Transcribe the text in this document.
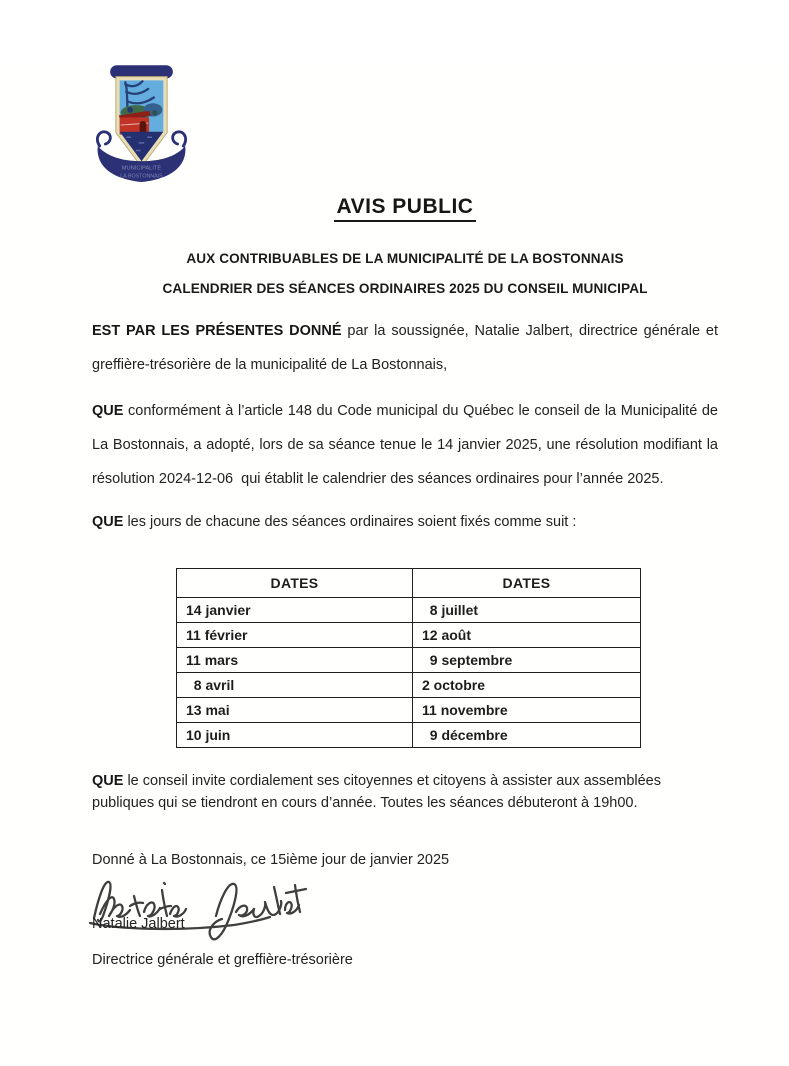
MUNICIPALITÉ
LA BOSTONNAIS
AVIS PUBLIC
AUX CONTRIBUABLES DE LA MUNICIPALITÉ DE LA BOSTONNAIS
CALENDRIER DES SÉANCES ORDINAIRES 2025 DU CONSEIL MUNICIPAL

EST PAR LES PRÉSENTES DONNÉ par la soussignée, Natalie Jalbert, directrice générale et greffière-trésorière de la municipalité de La Bostonnais,

QUE conformément à l’article 148 du Code municipal du Québec le conseil de la Municipalité de La Bostonnais, a adopté, lors de sa séance tenue le 14 janvier 2025, une résolution modifiant la résolution 2024-12-06  qui établit le calendrier des séances ordinaires pour l’année 2025.

QUE les jours de chacune des séances ordinaires soient fixés comme suit :

DATES	DATES
14 janvier	8 juillet
11 février	12 août
11 mars	9 septembre
8 avril	2 octobre
13 mai	11 novembre
10 juin	9 décembre

QUE le conseil invite cordialement ses citoyennes et citoyens à assister aux assemblées publiques qui se tiendront en cours d’année. Toutes les séances débuteront à 19h00.

Donné à La Bostonnais, ce 15ième jour de janvier 2025

Natalie Jalbert

Directrice générale et greffière-trésorière
